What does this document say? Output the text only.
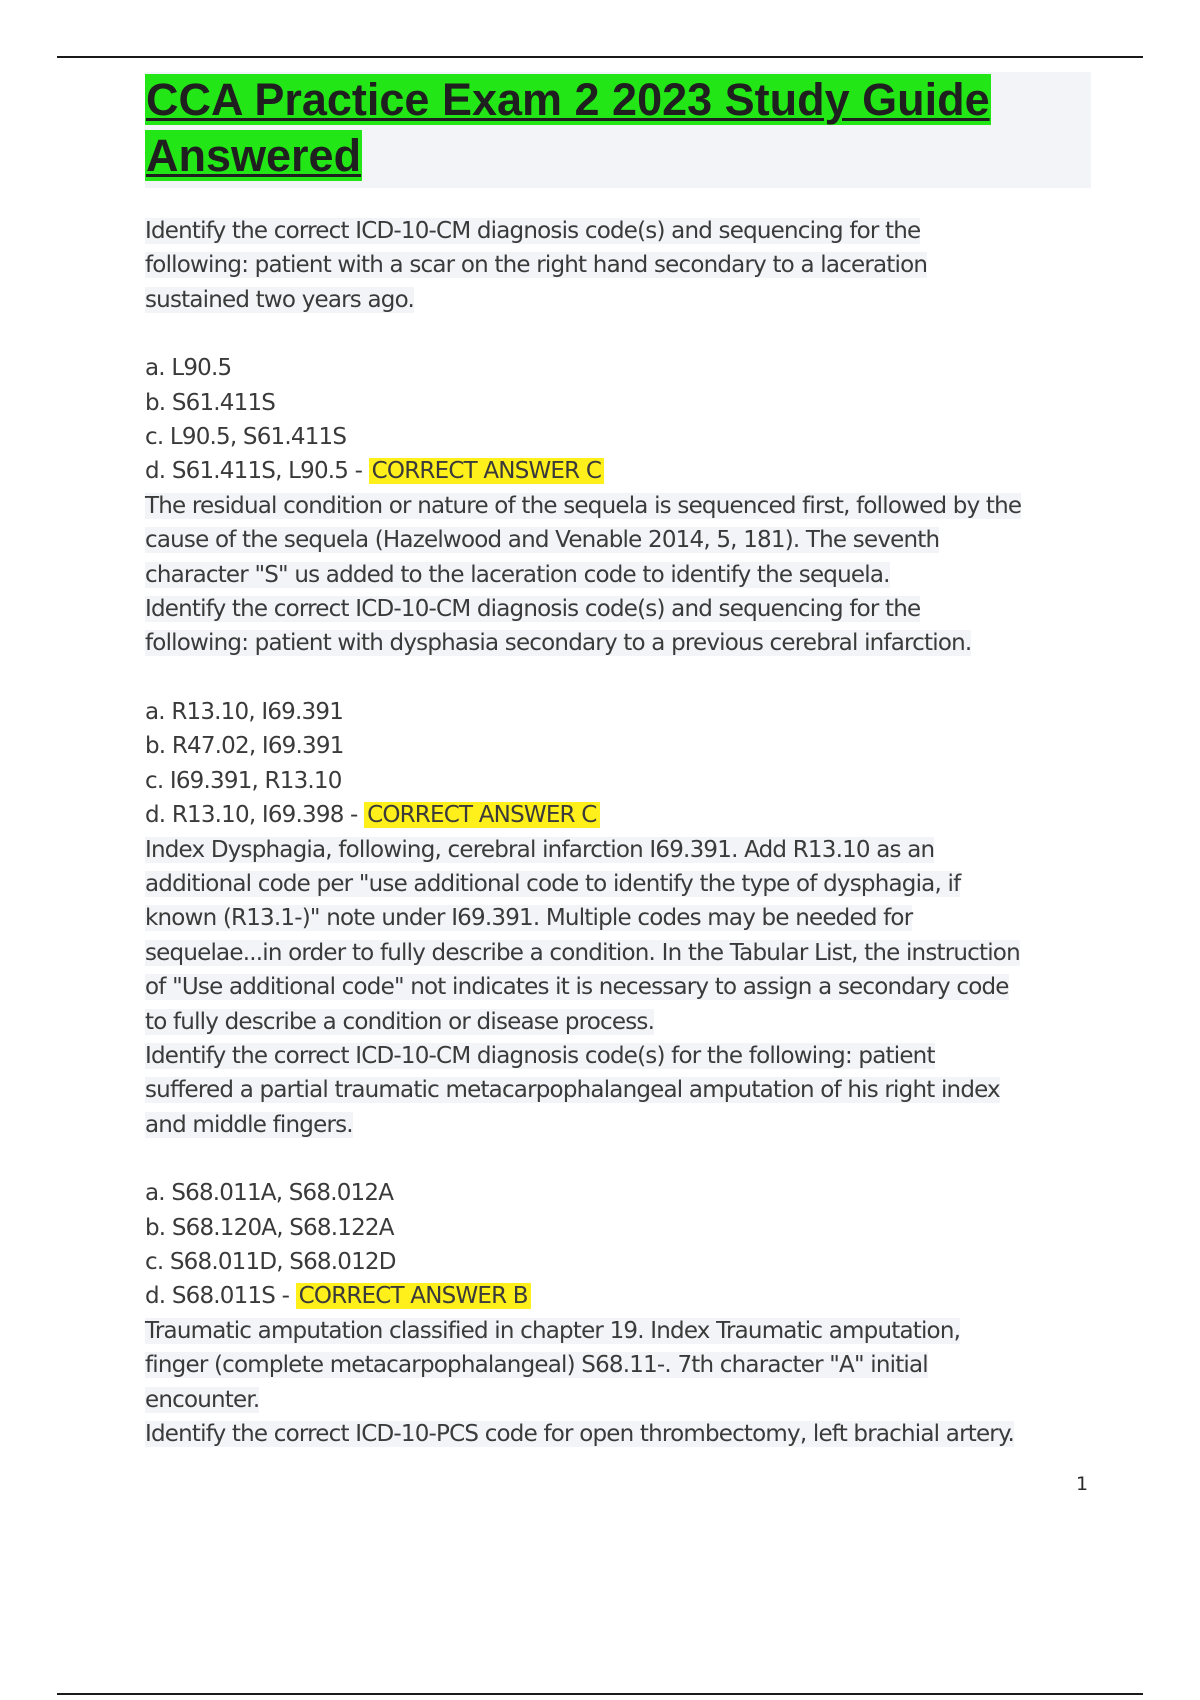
CCA Practice Exam 2 2023 Study Guide
Answered
Identify the correct ICD-10-CM diagnosis code(s) and sequencing for the
following: patient with a scar on the right hand secondary to a laceration
sustained two years ago.
a. L90.5
b. S61.411S
c. L90.5, S61.411S
d. S61.411S, L90.5 - CORRECT ANSWER C
The residual condition or nature of the sequela is sequenced first, followed by the
cause of the sequela (Hazelwood and Venable 2014, 5, 181). The seventh
character "S" us added to the laceration code to identify the sequela.
Identify the correct ICD-10-CM diagnosis code(s) and sequencing for the
following: patient with dysphasia secondary to a previous cerebral infarction.
a. R13.10, I69.391
b. R47.02, I69.391
c. I69.391, R13.10
d. R13.10, I69.398 - CORRECT ANSWER C
Index Dysphagia, following, cerebral infarction I69.391. Add R13.10 as an
additional code per "use additional code to identify the type of dysphagia, if
known (R13.1-)" note under I69.391. Multiple codes may be needed for
sequelae...in order to fully describe a condition. In the Tabular List, the instruction
of "Use additional code" not indicates it is necessary to assign a secondary code
to fully describe a condition or disease process.
Identify the correct ICD-10-CM diagnosis code(s) for the following: patient
suffered a partial traumatic metacarpophalangeal amputation of his right index
and middle fingers.
a. S68.011A, S68.012A
b. S68.120A, S68.122A
c. S68.011D, S68.012D
d. S68.011S - CORRECT ANSWER B
Traumatic amputation classified in chapter 19. Index Traumatic amputation,
finger (complete metacarpophalangeal) S68.11-. 7th character "A" initial
encounter.
Identify the correct ICD-10-PCS code for open thrombectomy, left brachial artery.
1
